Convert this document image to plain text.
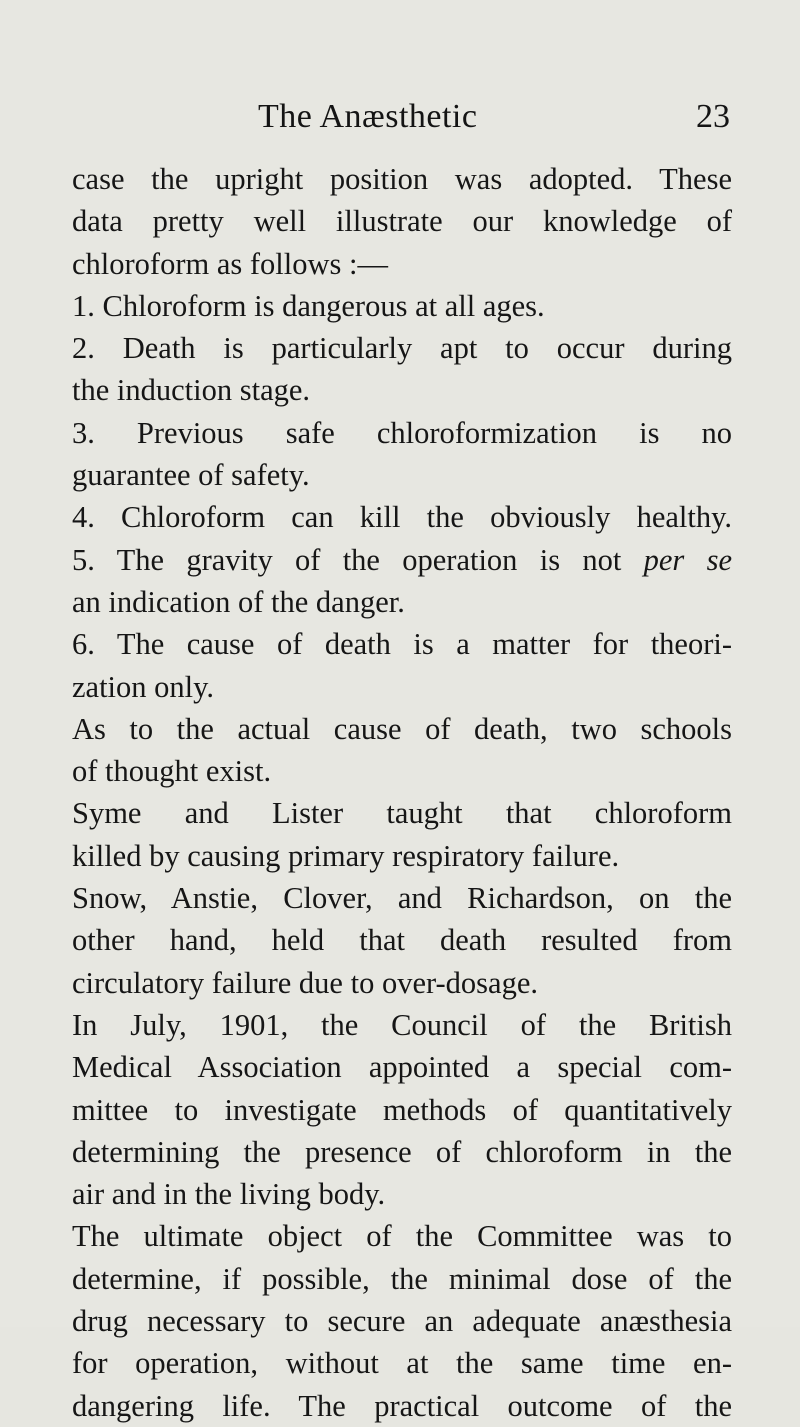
The Anæsthetic	23
case the upright position was adopted. These
data pretty well illustrate our knowledge of
chloroform as follows :—
1. Chloroform is dangerous at all ages.
2. Death is particularly apt to occur during
the induction stage.
3. Previous safe chloroformization is no
guarantee of safety.
4. Chloroform can kill the obviously healthy.
5. The gravity of the operation is not per se
an indication of the danger.
6. The cause of death is a matter for theori-
zation only.
As to the actual cause of death, two schools
of thought exist.
Syme and Lister taught that chloroform
killed by causing primary respiratory failure.
Snow, Anstie, Clover, and Richardson, on the
other hand, held that death resulted from
circulatory failure due to over-dosage.
In July, 1901, the Council of the British
Medical Association appointed a special com-
mittee to investigate methods of quantitatively
determining the presence of chloroform in the
air and in the living body.
The ultimate object of the Committee was to
determine, if possible, the minimal dose of the
drug necessary to secure an adequate anæsthesia
for operation, without at the same time en-
dangering life. The practical outcome of the
